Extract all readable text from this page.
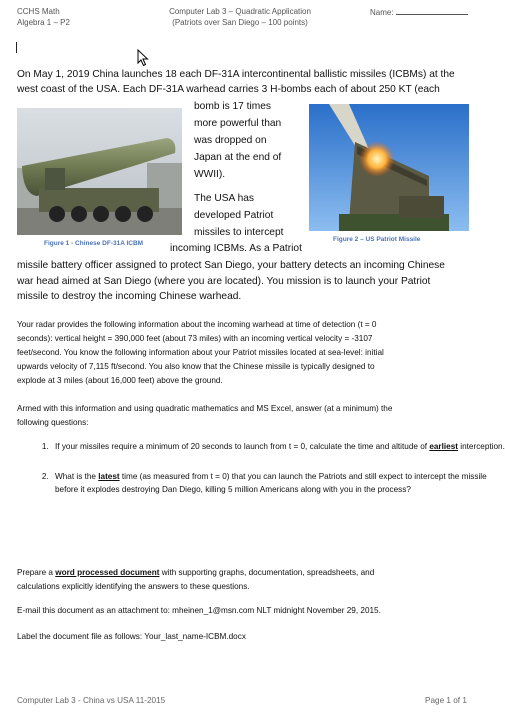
CCHS Math
Algebra 1 – P2
Computer Lab 3 – Quadratic Application
(Patriots over San Diego – 100 points)
Name:
On May 1, 2019 China launches 18 each DF-31A intercontinental ballistic missiles (ICBMs) at the
west coast of the USA. Each DF-31A warhead carries 3 H-bombs each of about 250 KT (each
bomb is 17 times
more powerful than
was dropped on
Japan at the end of
WWII).
The USA has
developed Patriot
missiles to intercept
incoming ICBMs. As a Patriot
Figure 1 - Chinese DF-31A ICBM
Figure 2 – US Patriot Missile
missile battery officer assigned to protect San Diego, your battery detects an incoming Chinese
war head aimed at San Diego (where you are located). You mission is to launch your Patriot
missile to destroy the incoming Chinese warhead.
Your radar provides the following information about the incoming warhead at time of detection (t = 0
seconds): vertical height = 390,000 feet (about 73 miles) with an incoming vertical velocity = -3107
feet/second. You know the following information about your Patriot missiles located at sea-level: initial
upwards velocity of 7,115 ft/second. You also know that the Chinese missile is typically designed to
explode at 3 miles (about 16,000 feet) above the ground.
Armed with this information and using quadratic mathematics and MS Excel, answer (at a minimum) the
following questions:
1. If your missiles require a minimum of 20 seconds to launch from t = 0, calculate the time and altitude of earliest interception.
2. What is the latest time (as measured from t = 0) that you can launch the Patriots and still expect to intercept the missile before it explodes destroying Dan Diego, killing 5 million Americans along with you in the process?
Prepare a word processed document with supporting graphs, documentation, spreadsheets, and
calculations explicitly identifying the answers to these questions.
E-mail this document as an attachment to: mheinen_1@msn.com NLT midnight November 29, 2015.
Label the document file as follows: Your_last_name-ICBM.docx
Computer Lab 3 - China vs USA 11-2015	Page 1 of 1
